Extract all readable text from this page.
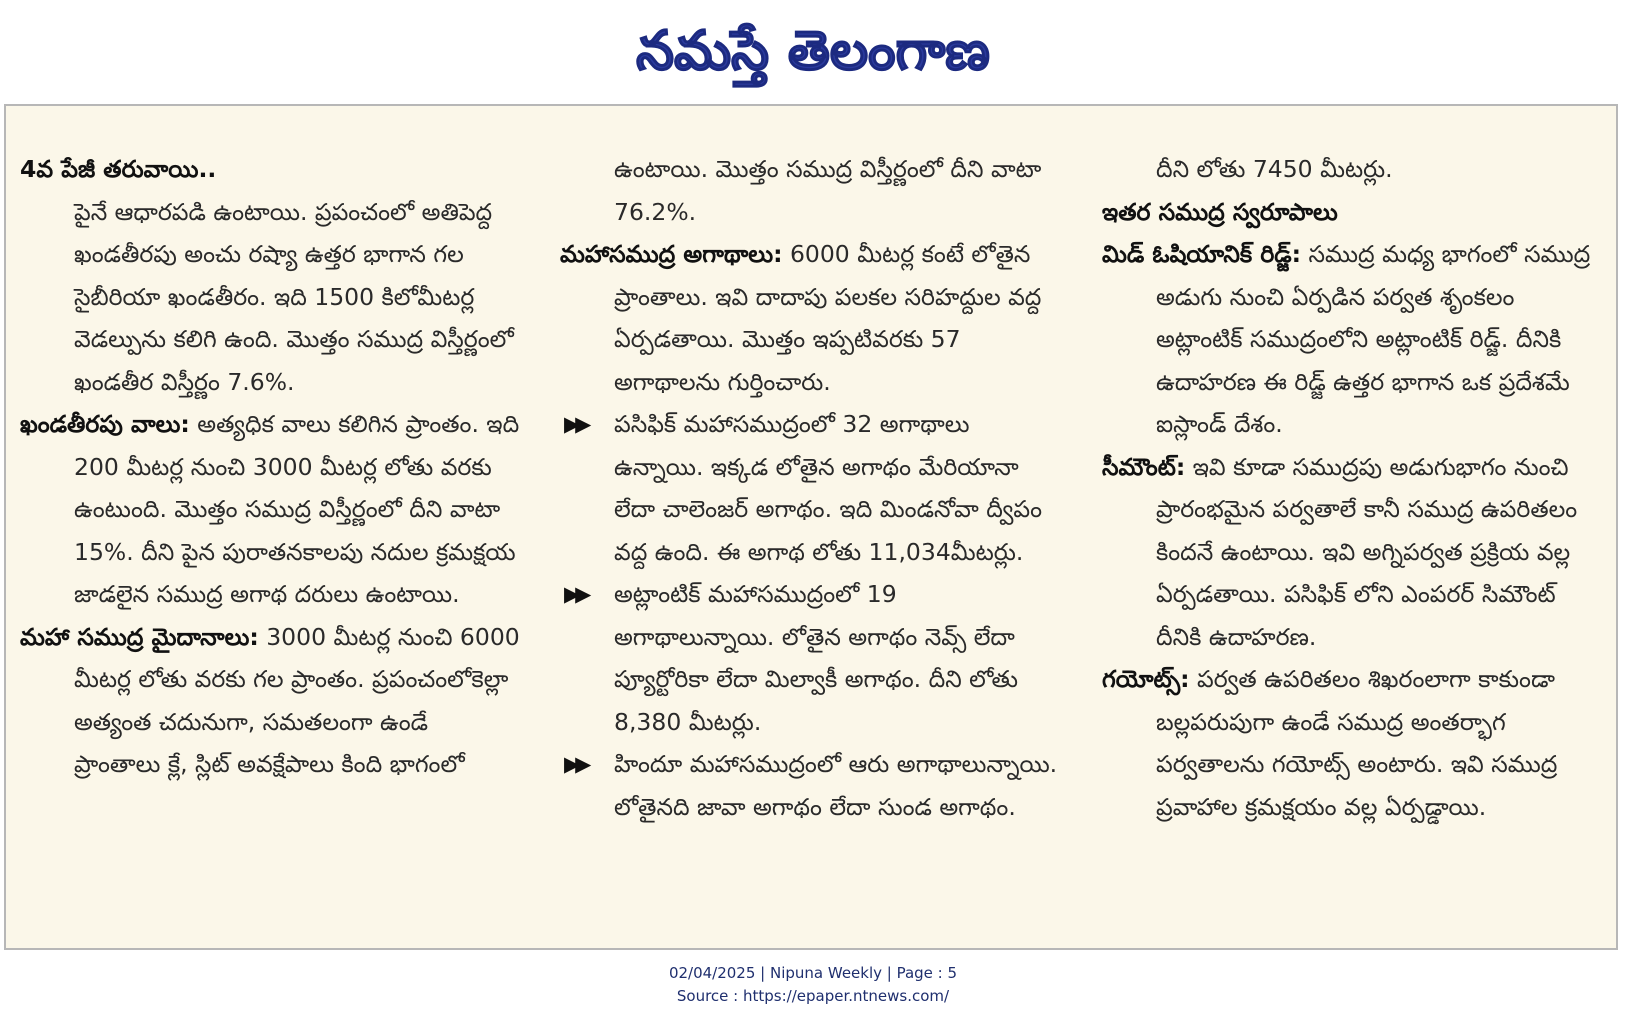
నమస్తే తెలంగాణ

4వ పేజీ తరువాయి..

పైనే ఆధారపడి ఉంటాయి. ప్రపంచంలో అతిపెద్ద ఖండతీరపు అంచు రష్యా ఉత్తర భాగాన గల సైబీరియా ఖండతీరం. ఇది 1500 కిలోమీటర్ల వెడల్పును కలిగి ఉంది. మొత్తం సముద్ర విస్తీర్ణంలో ఖండతీర విస్తీర్ణం 7.6%.

ఖండతీరపు వాలు: అత్యధిక వాలు కలిగిన ప్రాంతం. ఇది 200 మీటర్ల నుంచి 3000 మీటర్ల లోతు వరకు ఉంటుంది. మొత్తం సముద్ర విస్తీర్ణంలో దీని వాటా 15%. దీని పైన పురాతనకాలపు నదుల క్రమక్షయ జాడలైన సముద్ర అగాథ దరులు ఉంటాయి.

మహా సముద్ర మైదానాలు: 3000 మీటర్ల నుంచి 6000 మీటర్ల లోతు వరకు గల ప్రాంతం. ప్రపంచంలోకెల్లా అత్యంత చదునుగా, సమతలంగా ఉండే ప్రాంతాలు క్లే, స్లిట్ అవక్షేపాలు కింది భాగంలో

ఉంటాయి. మొత్తం సముద్ర విస్తీర్ణంలో దీని వాటా 76.2%.

మహాసముద్ర అగాథాలు: 6000 మీటర్ల కంటే లోతైన ప్రాంతాలు. ఇవి దాదాపు పలకల సరిహద్దుల వద్ద ఏర్పడతాయి. మొత్తం ఇప్పటివరకు 57 అగాథాలను గుర్తించారు.

▶▶ పసిఫిక్ మహాసముద్రంలో 32 అగాథాలు ఉన్నాయి. ఇక్కడ లోతైన అగాథం మేరియానా లేదా చాలెంజర్ అగాథం. ఇది మిండనోవా ద్వీపం వద్ద ఉంది. ఈ అగాథ లోతు 11,034మీటర్లు.

▶▶ అట్లాంటిక్ మహాసముద్రంలో 19 అగాథాలున్నాయి. లోతైన అగాథం నెవ్స్ లేదా ప్యూర్టోరికా లేదా మిల్వాకీ అగాథం. దీని లోతు 8,380 మీటర్లు.

▶▶ హిందూ మహాసముద్రంలో ఆరు అగాథాలున్నాయి. లోతైనది జావా అగాథం లేదా సుండ అగాథం.

దీని లోతు 7450 మీటర్లు.

ఇతర సముద్ర స్వరూపాలు

మిడ్ ఓషియానిక్ రిడ్జ్: సముద్ర మధ్య భాగంలో సముద్ర అడుగు నుంచి ఏర్పడిన పర్వత శృంకలం అట్లాంటిక్ సముద్రంలోని అట్లాంటిక్ రిడ్జ్. దీనికి ఉదాహరణ ఈ రిడ్జ్ ఉత్తర భాగాన ఒక ప్రదేశమే ఐస్లాండ్ దేశం.

సీమౌంట్: ఇవి కూడా సముద్రపు అడుగుభాగం నుంచి ప్రారంభమైన పర్వతాలే కానీ సముద్ర ఉపరితలం కిందనే ఉంటాయి. ఇవి అగ్నిపర్వత ప్రక్రియ వల్ల ఏర్పడతాయి. పసిఫిక్ లోని ఎంపరర్ సిమౌంట్ దీనికి ఉదాహరణ.

గయోట్స్: పర్వత ఉపరితలం శిఖరంలాగా కాకుండా బల్లపరుపుగా ఉండే సముద్ర అంతర్భాగ పర్వతాలను గయోట్స్ అంటారు. ఇవి సముద్ర ప్రవాహాల క్రమక్షయం వల్ల ఏర్పడ్డాయి.

02/04/2025 | Nipuna Weekly | Page : 5
Source : https://epaper.ntnews.com/
